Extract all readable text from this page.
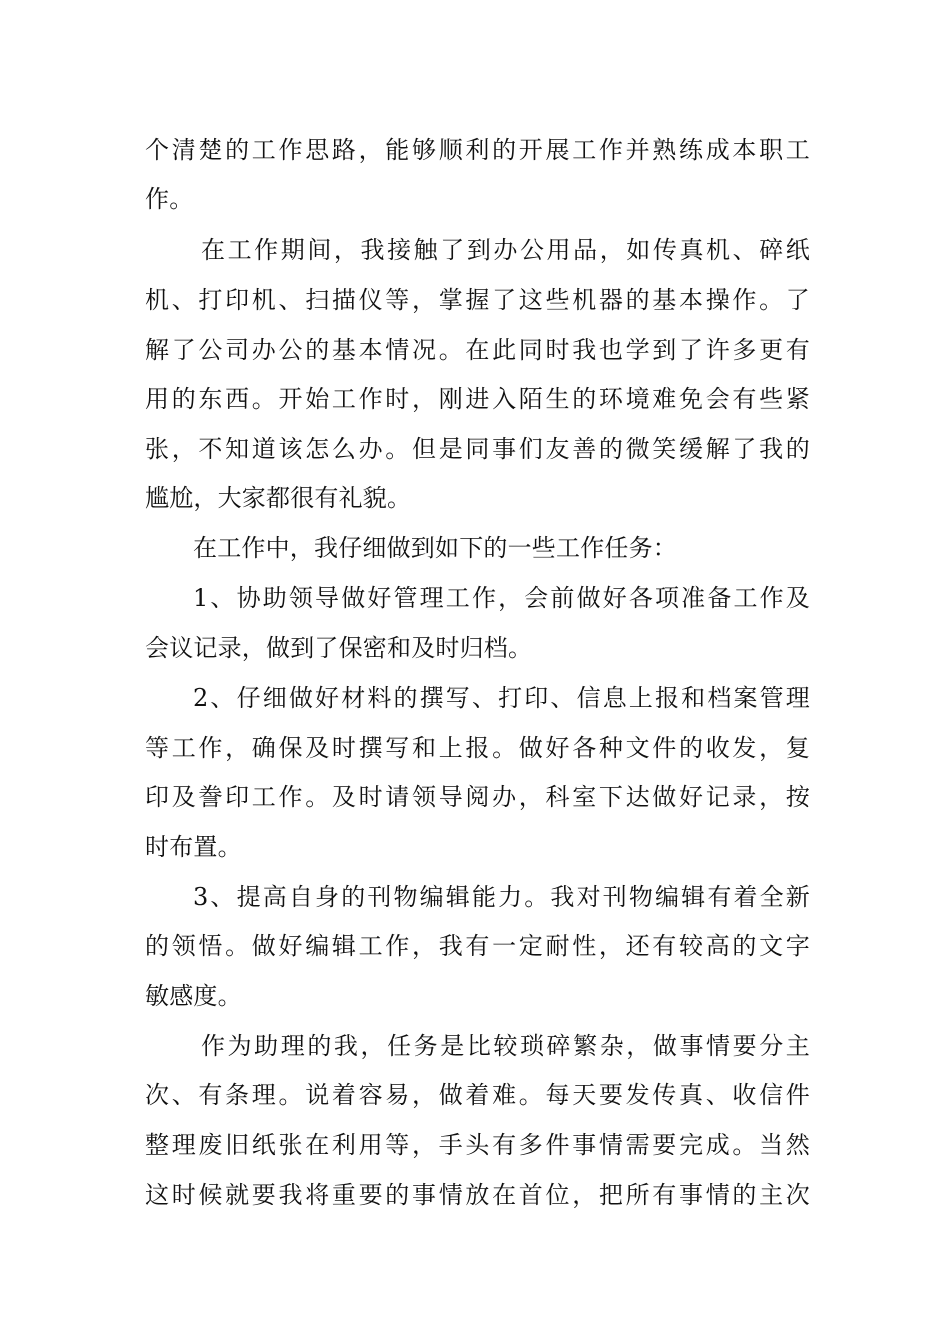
个清楚的工作思路，能够顺利的开展工作并熟练成本职工
作。
在工作期间，我接触了到办公用品，如传真机、碎纸
机、打印机、扫描仪等，掌握了这些机器的基本操作。了
解了公司办公的基本情况。在此同时我也学到了许多更有
用的东西。开始工作时，刚进入陌生的环境难免会有些紧
张，不知道该怎么办。但是同事们友善的微笑缓解了我的
尴尬，大家都很有礼貌。
在工作中，我仔细做到如下的一些工作任务：
1、协助领导做好管理工作，会前做好各项准备工作及
会议记录，做到了保密和及时归档。
2、仔细做好材料的撰写、打印、信息上报和档案管理
等工作，确保及时撰写和上报。做好各种文件的收发，复
印及誊印工作。及时请领导阅办，科室下达做好记录，按
时布置。
3、提高自身的刊物编辑能力。我对刊物编辑有着全新
的领悟。做好编辑工作，我有一定耐性，还有较高的文字
敏感度。
作为助理的我，任务是比较琐碎繁杂，做事情要分主
次、有条理。说着容易，做着难。每天要发传真、收信件
整理废旧纸张在利用等，手头有多件事情需要完成。当然
这时候就要我将重要的事情放在首位，把所有事情的主次
